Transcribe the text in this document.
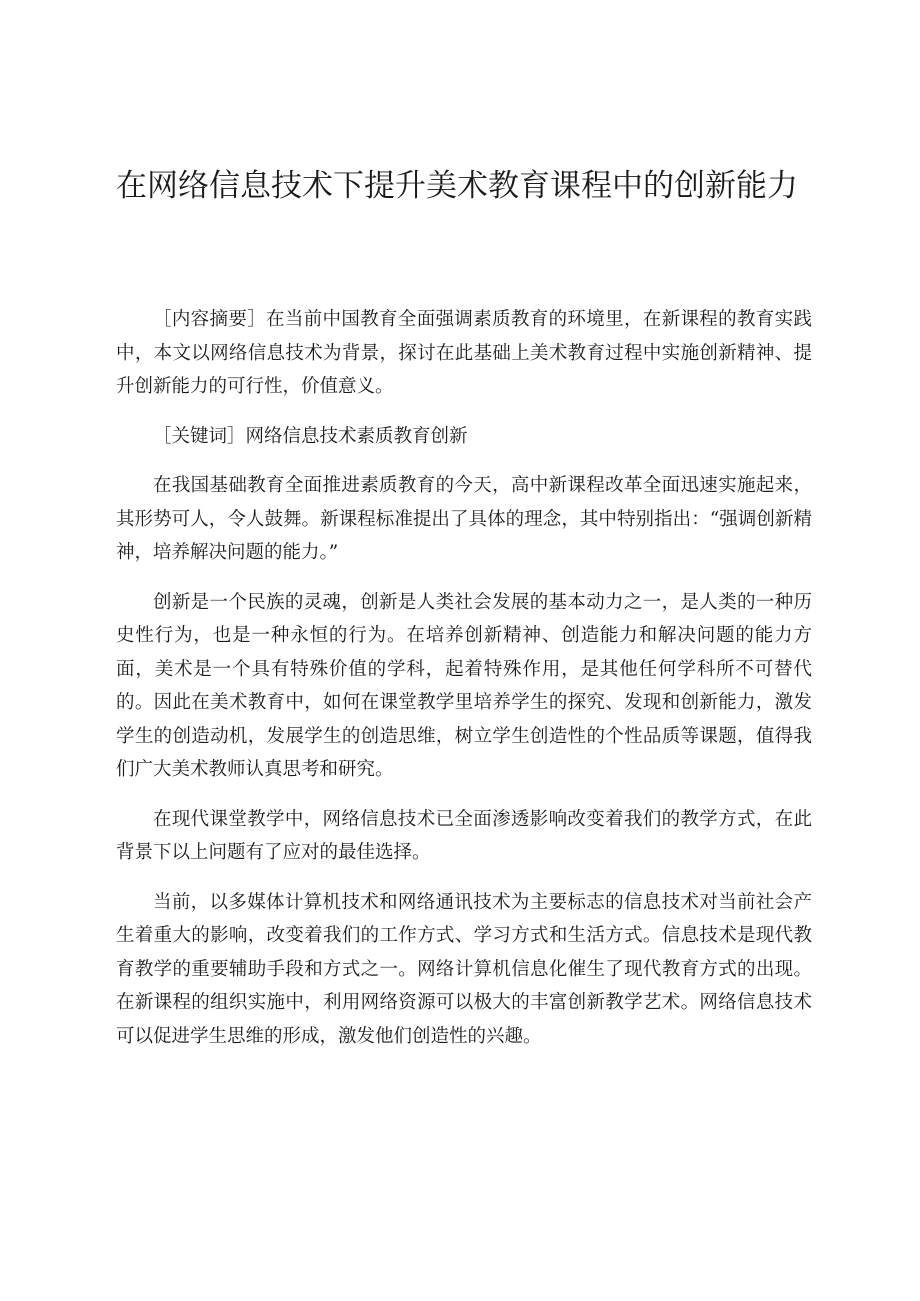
在网络信息技术下提升美术教育课程中的创新能力

［内容摘要］在当前中国教育全面强调素质教育的环境里，在新课程的教育实践中，本文以网络信息技术为背景，探讨在此基础上美术教育过程中实施创新精神、提升创新能力的可行性，价值意义。

［关键词］网络信息技术素质教育创新

在我国基础教育全面推进素质教育的今天，高中新课程改革全面迅速实施起来，其形势可人，令人鼓舞。新课程标准提出了具体的理念，其中特别指出：“强调创新精神，培养解决问题的能力。”

创新是一个民族的灵魂，创新是人类社会发展的基本动力之一，是人类的一种历史性行为，也是一种永恒的行为。在培养创新精神、创造能力和解决问题的能力方面，美术是一个具有特殊价值的学科，起着特殊作用，是其他任何学科所不可替代的。因此在美术教育中，如何在课堂教学里培养学生的探究、发现和创新能力，激发学生的创造动机，发展学生的创造思维，树立学生创造性的个性品质等课题，值得我们广大美术教师认真思考和研究。

在现代课堂教学中，网络信息技术已全面渗透影响改变着我们的教学方式，在此背景下以上问题有了应对的最佳选择。

当前，以多媒体计算机技术和网络通讯技术为主要标志的信息技术对当前社会产生着重大的影响，改变着我们的工作方式、学习方式和生活方式。信息技术是现代教育教学的重要辅助手段和方式之一。网络计算机信息化催生了现代教育方式的出现。在新课程的组织实施中，利用网络资源可以极大的丰富创新教学艺术。网络信息技术可以促进学生思维的形成，激发他们创造性的兴趣。
